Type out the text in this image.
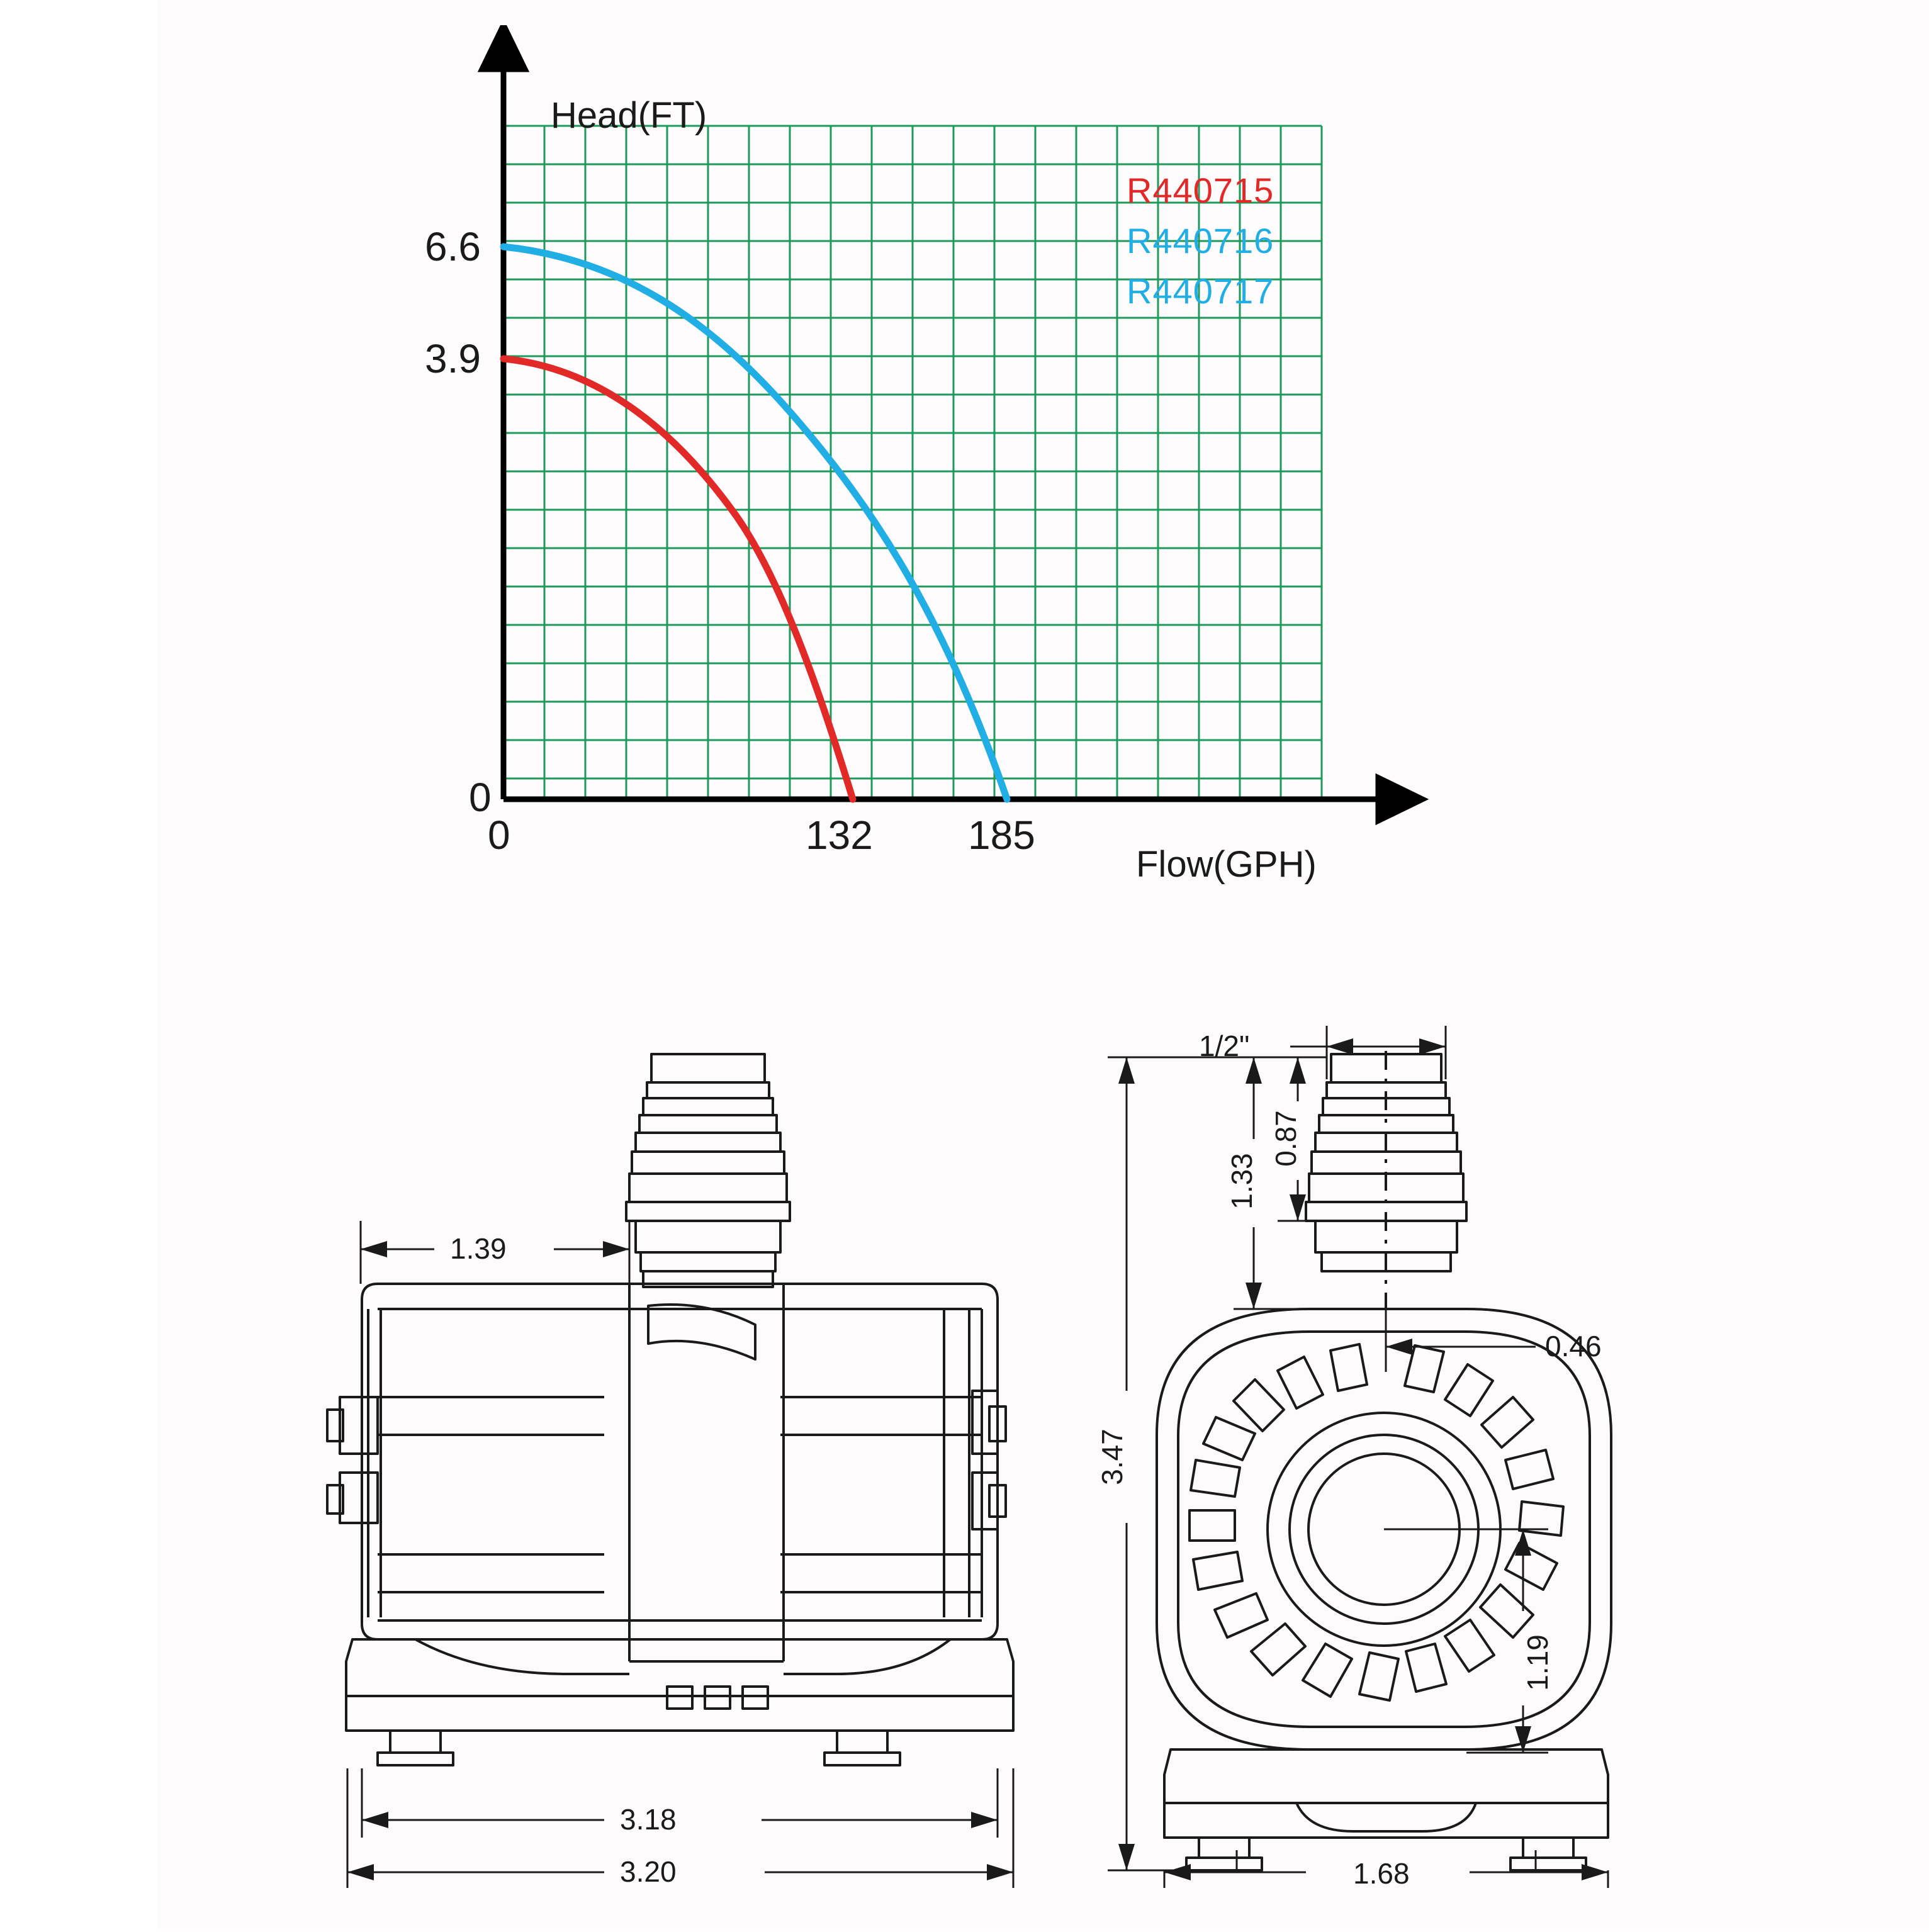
Head(FT)
Flow(GPH)
6.6
3.9
0
0	132 185
R440715
R440716
R440717
1.39
3.18
3.20
1/2"
0.87
1.33
3.47
0.46
1.19
1.68
